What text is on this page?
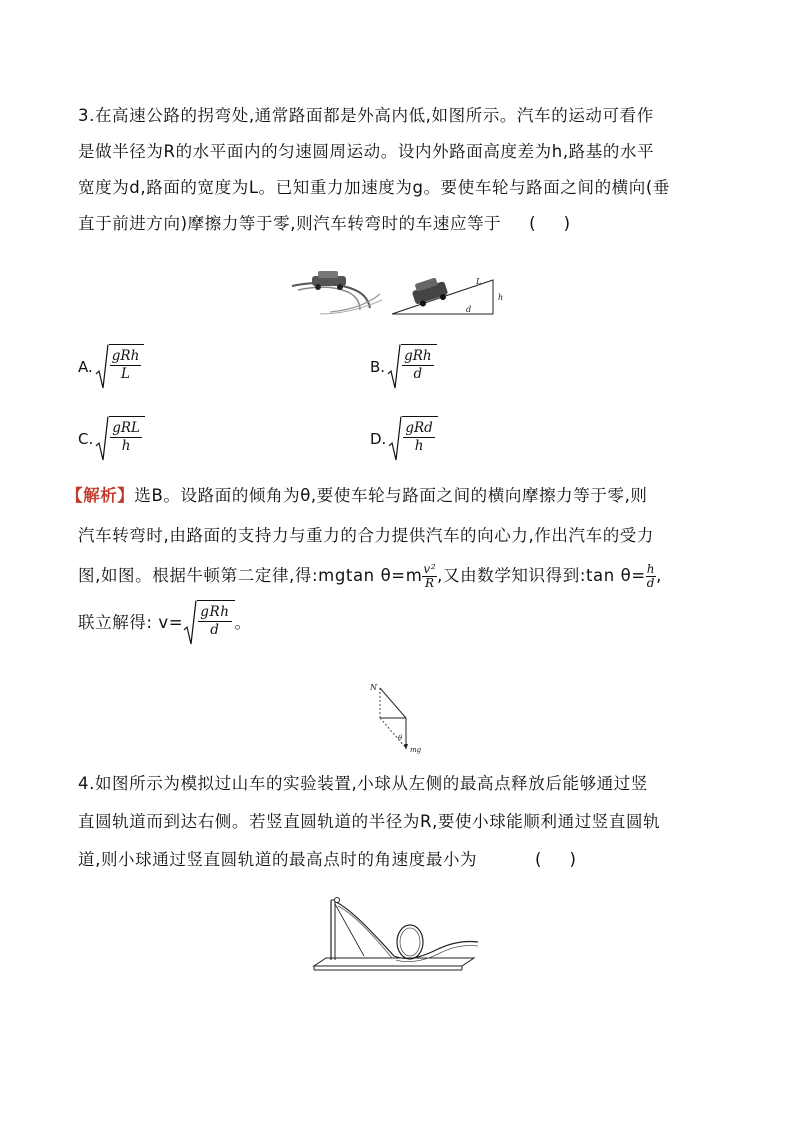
3.在高速公路的拐弯处,通常路面都是外高内低,如图所示。汽车的运动可看作
是做半径为R的水平面内的匀速圆周运动。设内外路面高度差为h,路基的水平
宽度为d,路面的宽度为L。已知重力加速度为g。要使车轮与路面之间的横向(垂
直于前进方向)摩擦力等于零,则汽车转弯时的车速应等于 ( )
L
h
d
A. $\frac{\text{gRh}}{L}$	B. $\frac{\text{gRh}}{d}$
C. $\frac{\text{gRL}}{h}$	D. $\frac{\text{gRd}}{h}$
【解析】选B。设路面的倾角为θ,要使车轮与路面之间的横向摩擦力等于零,则
汽车转弯时,由路面的支持力与重力的合力提供汽车的向心力,作出汽车的受力
图,如图。根据牛顿第二定律,得:mgtan $\theta=m \frac{\text{v²}}{R}$ ,又由数学知识得到:tan $\theta= \frac{h}{d}$ ,
联立解得: $v= \frac{\text{gRh}}{d}$ 。
N
θ
mg
4.如图所示为模拟过山车的实验装置,小球从左侧的最高点释放后能够通过竖
直圆轨道而到达右侧。若竖直圆轨道的半径为R,要使小球能顺利通过竖直圆轨
道,则小球通过竖直圆轨道的最高点时的角速度最小为	( )
